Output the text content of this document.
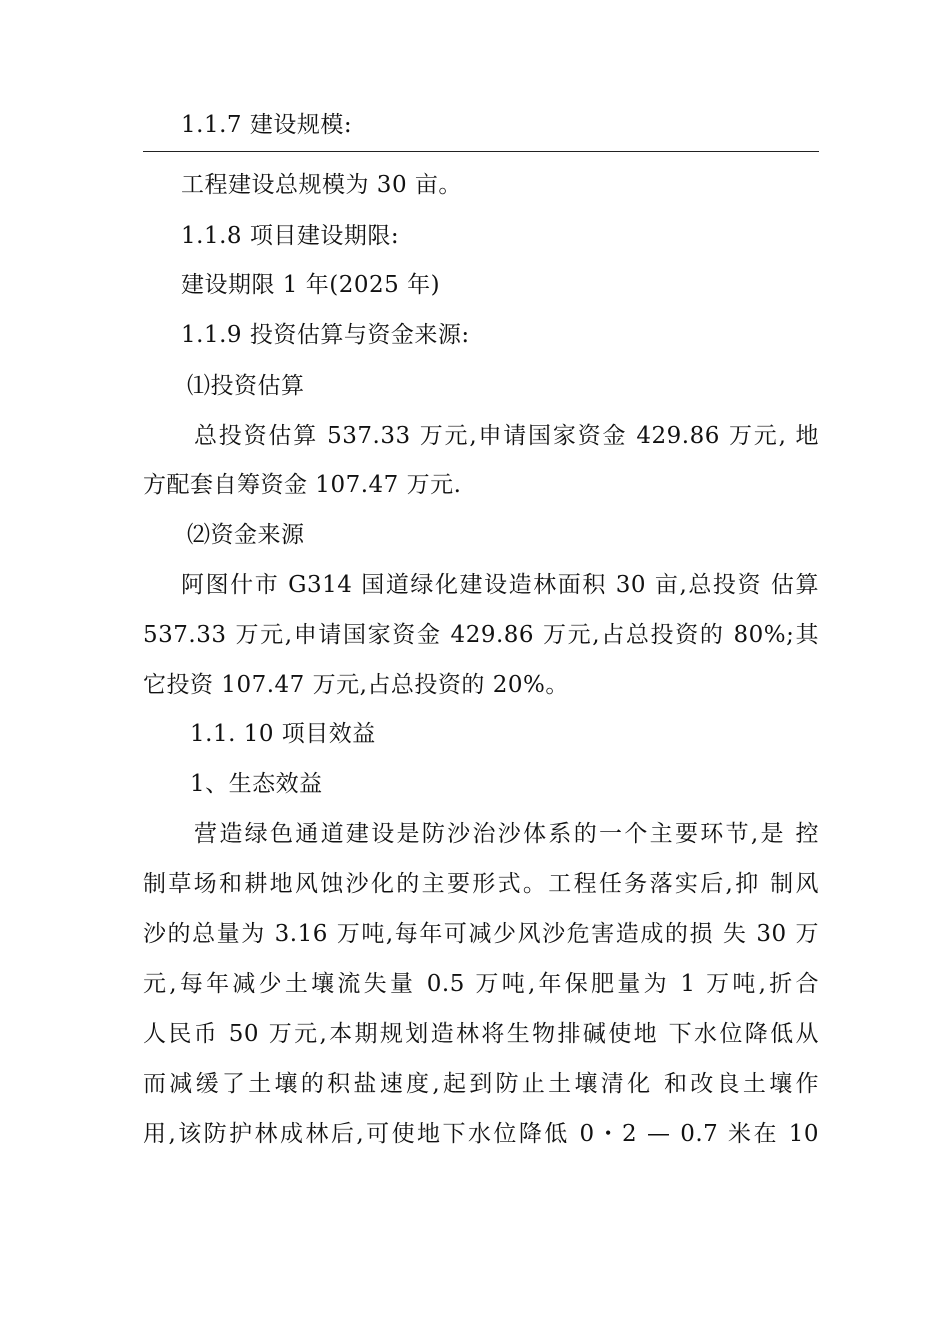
1.1.7 建设规模:
工程建设总规模为 30 亩。
1.1.8 项目建设期限:
建设期限 1 年(2025 年)
1.1.9 投资估算与资金来源:
⑴投资估算
总投资估算 537.33 万元,申请国家资金 429.86 万元, 地
方配套自筹资金 107.47 万元.
⑵资金来源
阿图什市 G314 国道绿化建设造林面积 30 亩,总投资 估算
537.33 万元,申请国家资金 429.86 万元,占总投资的 80%;其
它投资 107.47 万元,占总投资的 20%。
1.1. 10 项目效益
1、生态效益
营造绿色通道建设是防沙治沙体系的一个主要环节,是 控
制草场和耕地风蚀沙化的主要形式。工程任务落实后,抑 制风
沙的总量为 3.16 万吨,每年可减少风沙危害造成的损 失 30 万
元,每年减少土壤流失量 0.5 万吨,年保肥量为 1 万吨,折合
人民币 50 万元,本期规划造林将生物排碱使地 下水位降低从
而减缓了土壤的积盐速度,起到防止土壤清化 和改良土壤作
用,该防护林成林后,可使地下水位降低 0・2 — 0.7 米在 10
